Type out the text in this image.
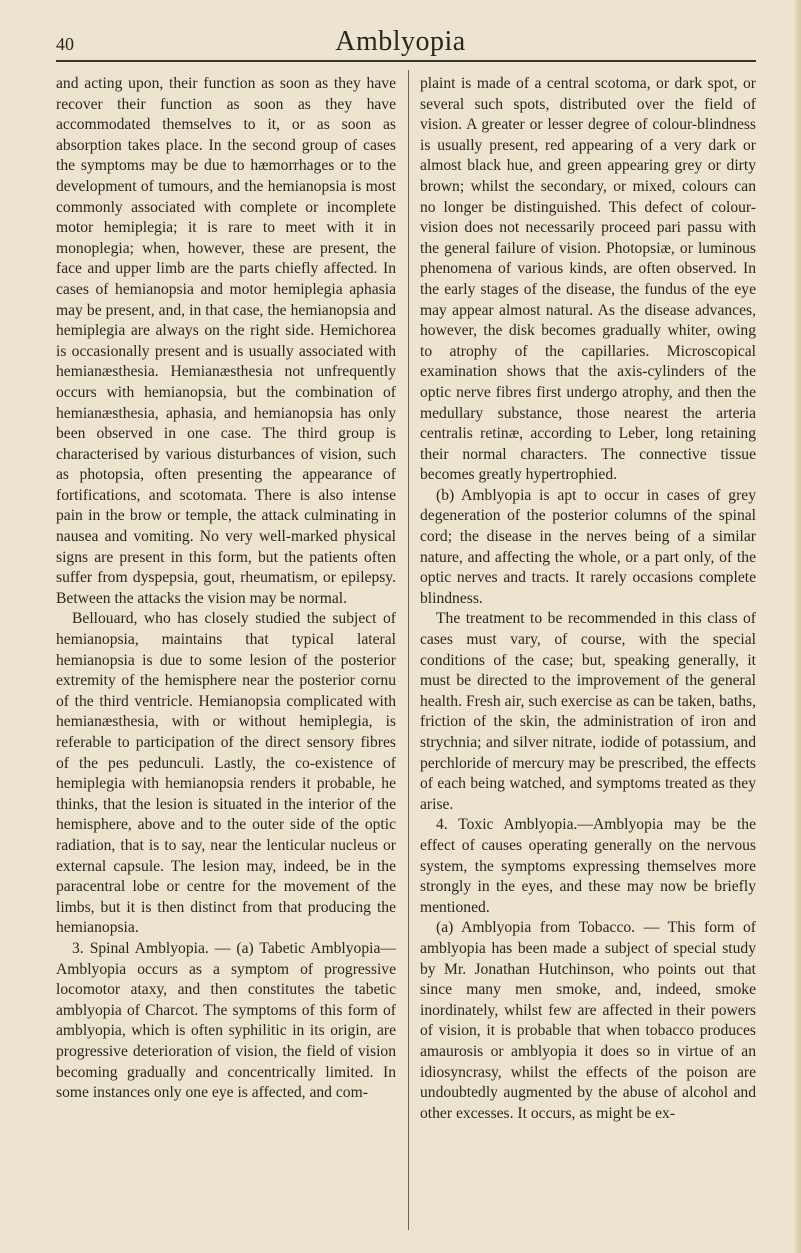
40	Amblyopia

and acting upon, their function as soon as they have recover their function as soon as they have accommodated themselves to it, or as soon as absorption takes place. In the second group of cases the symptoms may be due to hæmorrhages or to the development of tumours, and the hemianopsia is most commonly associated with complete or incomplete motor hemiplegia; it is rare to meet with it in monoplegia; when, however, these are present, the face and upper limb are the parts chiefly affected. In cases of hemianopsia and motor hemiplegia aphasia may be present, and, in that case, the hemianopsia and hemiplegia are always on the right side. Hemichorea is occasionally present and is usually associated with hemianæsthesia. Hemianæsthesia not unfrequently occurs with hemianopsia, but the combination of hemianæsthesia, aphasia, and hemianopsia has only been observed in one case. The third group is characterised by various disturbances of vision, such as photopsia, often presenting the appearance of fortifications, and scotomata. There is also intense pain in the brow or temple, the attack culminating in nausea and vomiting. No very well-marked physical signs are present in this form, but the patients often suffer from dyspepsia, gout, rheumatism, or epilepsy. Between the attacks the vision may be normal.

Bellouard, who has closely studied the subject of hemianopsia, maintains that typical lateral hemianopsia is due to some lesion of the posterior extremity of the hemisphere near the posterior cornu of the third ventricle. Hemianopsia complicated with hemianæsthesia, with or without hemiplegia, is referable to participation of the direct sensory fibres of the pes pedunculi. Lastly, the co-existence of hemiplegia with hemianopsia renders it probable, he thinks, that the lesion is situated in the interior of the hemisphere, above and to the outer side of the optic radiation, that is to say, near the lenticular nucleus or external capsule. The lesion may, indeed, be in the paracentral lobe or centre for the movement of the limbs, but it is then distinct from that producing the hemianopsia.

3. Spinal Amblyopia. — (a) Tabetic Amblyopia—Amblyopia occurs as a symptom of progressive locomotor ataxy, and then constitutes the tabetic amblyopia of Charcot. The symptoms of this form of amblyopia, which is often syphilitic in its origin, are progressive deterioration of vision, the field of vision becoming gradually and concentrically limited. In some instances only one eye is affected, and com-

plaint is made of a central scotoma, or dark spot, or several such spots, distributed over the field of vision. A greater or lesser degree of colour-blindness is usually present, red appearing of a very dark or almost black hue, and green appearing grey or dirty brown; whilst the secondary, or mixed, colours can no longer be distinguished. This defect of colour-vision does not necessarily proceed pari passu with the general failure of vision. Photopsiæ, or luminous phenomena of various kinds, are often observed. In the early stages of the disease, the fundus of the eye may appear almost natural. As the disease advances, however, the disk becomes gradually whiter, owing to atrophy of the capillaries. Microscopical examination shows that the axis-cylinders of the optic nerve fibres first undergo atrophy, and then the medullary substance, those nearest the arteria centralis retinæ, according to Leber, long retaining their normal characters. The connective tissue becomes greatly hypertrophied.

(b) Amblyopia is apt to occur in cases of grey degeneration of the posterior columns of the spinal cord; the disease in the nerves being of a similar nature, and affecting the whole, or a part only, of the optic nerves and tracts. It rarely occasions complete blindness.

The treatment to be recommended in this class of cases must vary, of course, with the special conditions of the case; but, speaking generally, it must be directed to the improvement of the general health. Fresh air, such exercise as can be taken, baths, friction of the skin, the administration of iron and strychnia; and silver nitrate, iodide of potassium, and perchloride of mercury may be prescribed, the effects of each being watched, and symptoms treated as they arise.

4. Toxic Amblyopia.—Amblyopia may be the effect of causes operating generally on the nervous system, the symptoms expressing themselves more strongly in the eyes, and these may now be briefly mentioned.

(a) Amblyopia from Tobacco. — This form of amblyopia has been made a subject of special study by Mr. Jonathan Hutchinson, who points out that since many men smoke, and, indeed, smoke inordinately, whilst few are affected in their powers of vision, it is probable that when tobacco produces amaurosis or amblyopia it does so in virtue of an idiosyncrasy, whilst the effects of the poison are undoubtedly augmented by the abuse of alcohol and other excesses. It occurs, as might be ex-
